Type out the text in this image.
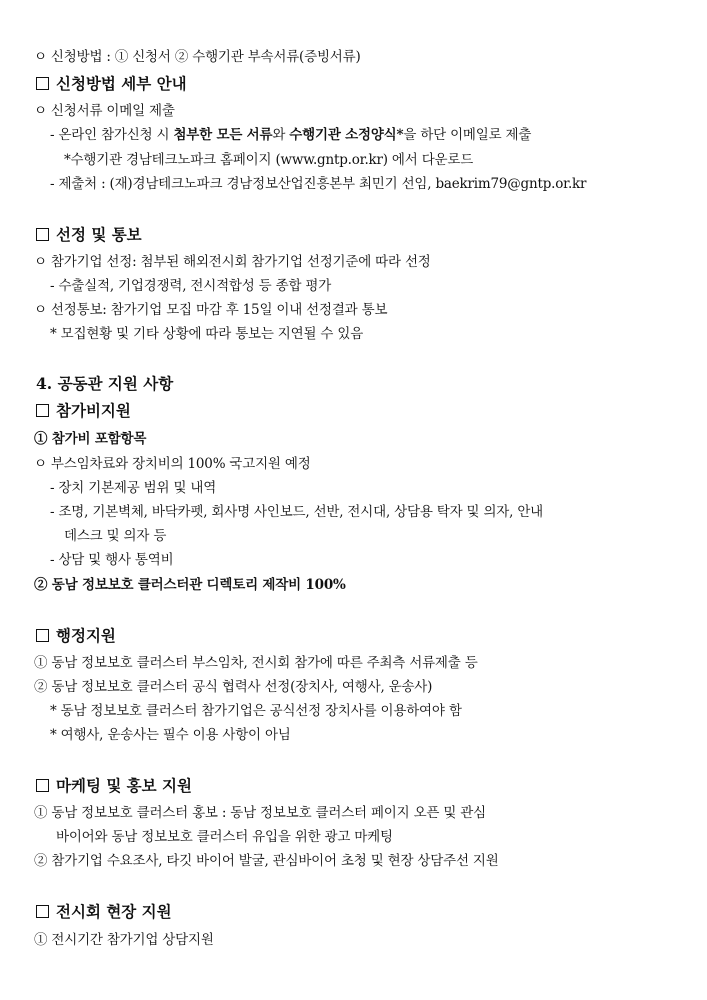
ㅇ 신청방법 : ① 신청서 ② 수행기관 부속서류(증빙서류)
신청방법 세부 안내
ㅇ 신청서류 이메일 제출
- 온라인 참가신청 시 첨부한 모든 서류와 수행기관 소정양식*을 하단 이메일로 제출
*수행기관 경남테크노파크 홈페이지 (www.gntp.or.kr) 에서 다운로드
- 제출처 : (재)경남테크노파크 경남정보산업진흥본부 최민기 선임, baekrim79@gntp.or.kr
선정 및 통보
ㅇ 참가기업 선정: 첨부된 해외전시회 참가기업 선정기준에 따라 선정
- 수출실적, 기업경쟁력, 전시적합성 등 종합 평가
ㅇ 선정통보: 참가기업 모집 마감 후 15일 이내 선정결과 통보
* 모집현황 및 기타 상황에 따라 통보는 지연될 수 있음
4. 공동관 지원 사항
참가비지원
① 참가비 포함항목
ㅇ 부스임차료와 장치비의 100% 국고지원 예정
- 장치 기본제공 범위 및 내역
- 조명, 기본벽체, 바닥카펫, 회사명 사인보드, 선반, 전시대, 상담용 탁자 및 의자, 안내
데스크 및 의자 등
- 상담 및 행사 통역비
② 동남 정보보호 클러스터관 디렉토리 제작비 100%
행정지원
① 동남 정보보호 클러스터 부스임차, 전시회 참가에 따른 주최측 서류제출 등
② 동남 정보보호 클러스터 공식 협력사 선정(장치사, 여행사, 운송사)
* 동남 정보보호 클러스터 참가기업은 공식선정 장치사를 이용하여야 함
* 여행사, 운송사는 필수 이용 사항이 아님
마케팅 및 홍보 지원
① 동남 정보보호 클러스터 홍보 : 동남 정보보호 클러스터 페이지 오픈 및 관심
바이어와 동남 정보보호 클러스터 유입을 위한 광고 마케팅
② 참가기업 수요조사, 타깃 바이어 발굴, 관심바이어 초청 및 현장 상담주선 지원
전시회 현장 지원
① 전시기간 참가기업 상담지원
